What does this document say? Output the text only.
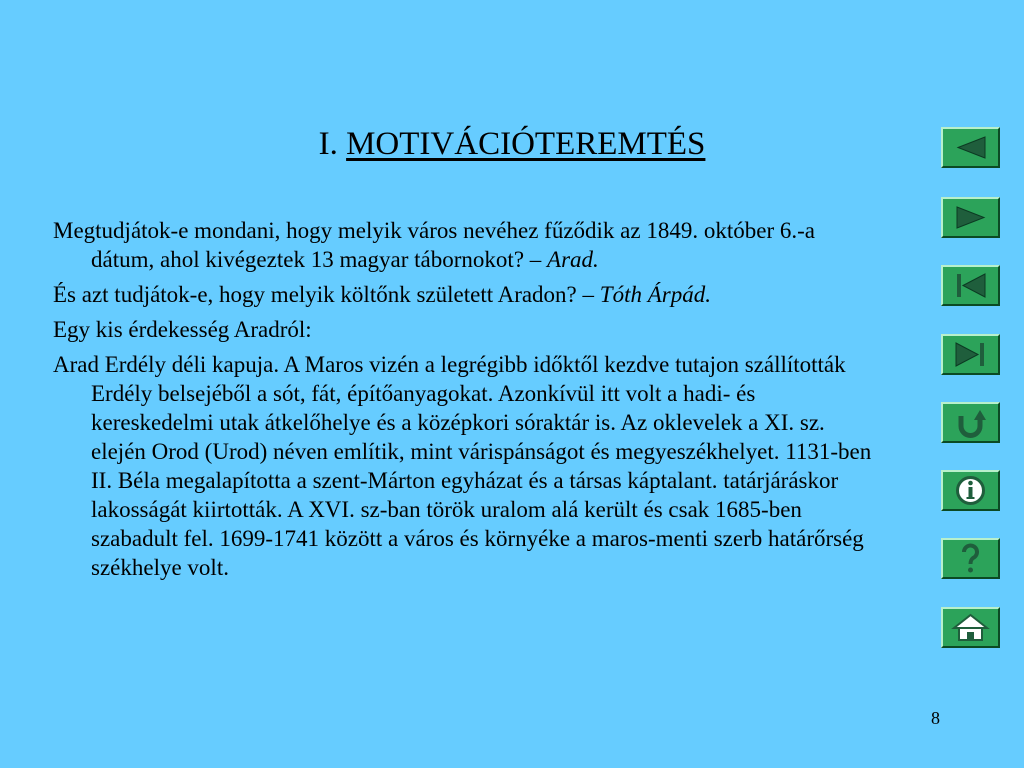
I. MOTIVÁCIÓTEREMTÉS

Megtudjátok-e mondani, hogy melyik város nevéhez fűződik az 1849. október 6.-a dátum, ahol kivégeztek 13 magyar tábornokot? – Arad.

És azt tudjátok-e, hogy melyik költőnk született Aradon? – Tóth Árpád.

Egy kis érdekesség Aradról:

Arad Erdély déli kapuja. A Maros vizén a legrégibb időktől kezdve tutajon szállították Erdély belsejéből a sót, fát, építőanyagokat. Azonkívül itt volt a hadi- és kereskedelmi utak átkelőhelye és a középkori sóraktár is. Az oklevelek a XI. sz. elején Orod (Urod) néven említik, mint várispánságot és megyeszékhelyet. 1131-ben II. Béla megalapította a szent-Márton egyházat és a társas káptalant. tatárjáráskor lakosságát kiirtották. A XVI. sz-ban török uralom alá került és csak 1685-ben szabadult fel. 1699-1741 között a város és környéke a maros-menti szerb határőrség székhelye volt.

8
